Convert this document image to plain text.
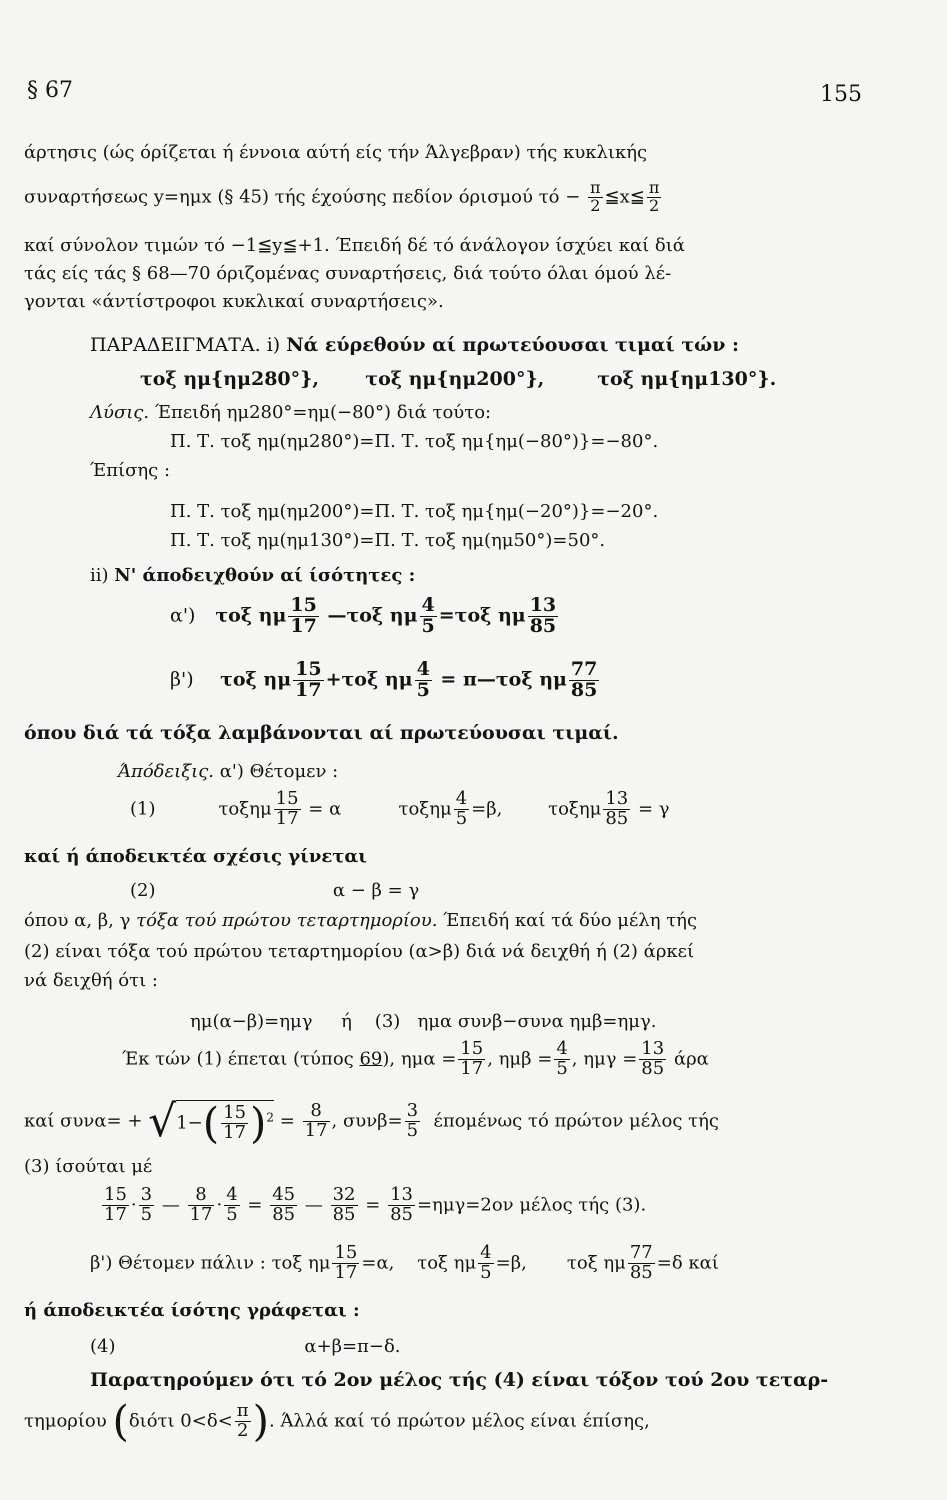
§ 67	155
άρτησις (ώς όρίζεται ή έννοια αύτή είς τήν Άλγεβραν) τής κυκλικής
συναρτήσεως y=ημx (§ 45) τής έχούσης πεδίον όρισμού $\tau ό - \frac{\pi}{2}$ ≦x≦ $\frac{\pi}{2}$
καί σύνολον τιμών τό −1≦y≦+1. Έπειδή δέ τό άνάλογον ίσχύει καί διά
τάς είς τάς § 68—70 όριζομένας συναρτήσεις, διά τούτο όλαι όμού λέ-
γονται «άντίστροφοι κυκλικαί συναρτήσεις».
ΠΑΡΑΔΕΙΓΜΑΤΑ. i) Νά εύρεθούν αί πρωτεύουσαι τιμαί τών :
τοξ ημ{ημ280°}, τοξ ημ{ημ200°},	τοξ ημ{ημ130°}.
Λύσις. Έπειδή ημ280°=ημ(−80°) διά τούτο:
Π. Τ. τοξ ημ(ημ280°)=Π. Τ. τοξ ημ{ημ(−80°)}=−80°.
Έπίσης :
Π. Τ. τοξ ημ(ημ200°)=Π. Τ. τοξ ημ{ημ(−20°)}=−20°.
Π. Τ. τοξ ημ(ημ130°)=Π. Τ. τοξ ημ(ημ50°)=50°.
ii) Ν' άποδειχθούν αί ίσότητες :
α') τοξ ημ $\frac{15}{17}$ —τοξ ημ $\frac{4}{5} =\tau o\xi$ ημ $\frac{13}{85}$
β') τοξ ημ $\frac{15}{17} +\tau o\xi$ ημ $\frac{4}{5}$ = π—τοξ ημ $\frac{77}{85}$
όπου διά τά τόξα λαμβάνονται αί πρωτεύουσαι τιμαί.
Άπόδειξις. α') Θέτομεν :
(1)	τοξημ $\frac{15}{17} = \alpha$	τοξημ $\frac{4}{5} =\beta$,	τοξημ $\frac{13}{85} = \gamma$
καί ή άποδεικτέα σχέσις γίνεται
(2)	α − β = γ
όπου α, β, γ τόξα τού πρώτου τεταρτημορίου. Έπειδή καί τά δύο μέλη τής
(2) είναι τόξα τού πρώτου τεταρτημορίου (α>β) διά νά δειχθή ή (2) άρκεί
νά δειχθή ότι :
ημ(α−β)=ημγ ή (3) ημα συνβ−συνα ημβ=ημγ.
Έκ τών (1) έπεται (τύπος 69), $\eta\mu\alpha = \frac{15}{17}$ , $\eta\mu\beta = \frac{4}{5}$ , $\eta\mu\gamma = \frac{13}{85}$ άρα
καί $\sigma\upsilon\nu\alpha= + √1-( \frac{15}{17} )^2 = \frac{8}{17}$ , $\sigma\upsilon\nu\beta= \frac{3}{5}$ έπομένως τό πρώτον μέλος τής
(3) ίσούται μέ
$\frac{15}{17} \cdot \frac{3}{5}$ — $\frac{8}{17} \cdot \frac{4}{5} = \frac{45}{85}$ — $\frac{32}{85} = \frac{13}{85} =\eta\mu\gamma=2o\nu$ μέλος τής (3).
β') Θέτομεν πάλιν : τοξ ημ $\frac{15}{17} =\alpha$, τοξ ημ $\frac{4}{5} =\beta$, τοξ ημ $\frac{77}{85} =\delta$ καί
ή άποδεικτέα ίσότης γράφεται :
(4)	α+β=π−δ.
Παρατηρούμεν ότι τό 2ον μέλος τής (4) είναι τόξον τού 2ου τεταρ-
τημορίου (διότι $0<\delta< \frac{\pi}{2}$ ). Άλλά καί τό πρώτον μέλος είναι έπίσης,
